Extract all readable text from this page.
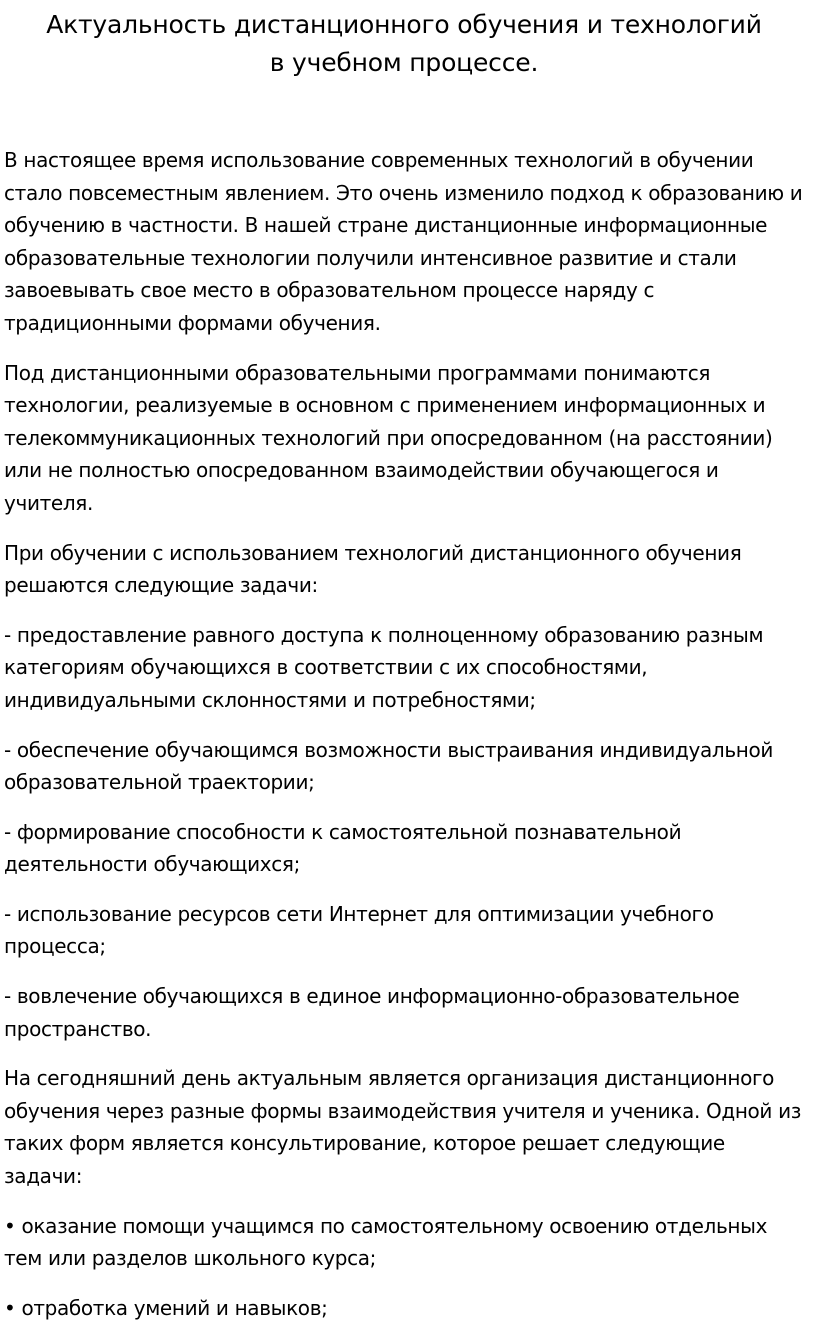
Актуальность дистанционного обучения и технологий
в учебном процессе.

В настоящее время использование современных технологий в обучении стало повсеместным явлением. Это очень изменило подход к образованию и обучению в частности. В нашей стране дистанционные информационные образовательные технологии получили интенсивное развитие и стали завоевывать свое место в образовательном процессе наряду с традиционными формами обучения.

Под дистанционными образовательными программами понимаются технологии, реализуемые в основном с применением информационных и телекоммуникационных технологий при опосредованном (на расстоянии) или не полностью опосредованном взаимодействии обучающегося и учителя.

При обучении с использованием технологий дистанционного обучения решаются следующие задачи:

- предоставление равного доступа к полноценному образованию разным категориям обучающихся в соответствии с их способностями, индивидуальными склонностями и потребностями;

- обеспечение обучающимся возможности выстраивания индивидуальной образовательной траектории;

- формирование способности к самостоятельной познавательной деятельности обучающихся;

- использование ресурсов сети Интернет для оптимизации учебного процесса;

- вовлечение обучающихся в единое информационно-образовательное пространство.

На сегодняшний день актуальным является организация дистанционного обучения через разные формы взаимодействия учителя и ученика. Одной из таких форм является консультирование, которое решает следующие задачи:

• оказание помощи учащимся по самостоятельному освоению отдельных тем или разделов школьного курса;

• отработка умений и навыков;
